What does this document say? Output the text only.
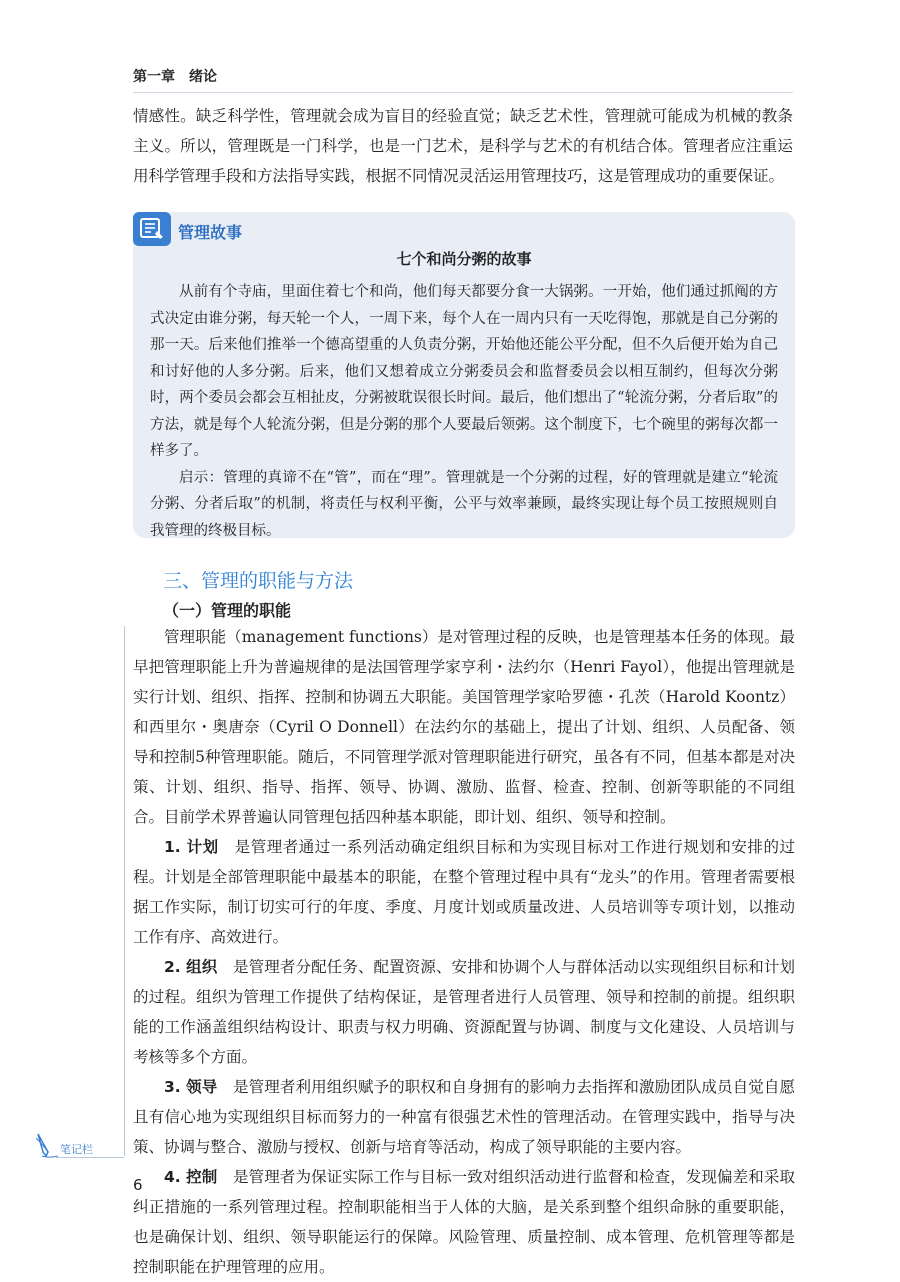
第一章　绪论

情感性。缺乏科学性，管理就会成为盲目的经验直觉；缺乏艺术性，管理就可能成为机械的教条主义。所以，管理既是一门科学，也是一门艺术，是科学与艺术的有机结合体。管理者应注重运用科学管理手段和方法指导实践，根据不同情况灵活运用管理技巧，这是管理成功的重要保证。

管理故事
七个和尚分粥的故事

从前有个寺庙，里面住着七个和尚，他们每天都要分食一大锅粥。一开始，他们通过抓阄的方式决定由谁分粥，每天轮一个人，一周下来，每个人在一周内只有一天吃得饱，那就是自己分粥的那一天。后来他们推举一个德高望重的人负责分粥，开始他还能公平分配，但不久后便开始为自己和讨好他的人多分粥。后来，他们又想着成立分粥委员会和监督委员会以相互制约，但每次分粥时，两个委员会都会互相扯皮，分粥被耽误很长时间。最后，他们想出了“轮流分粥，分者后取”的方法，就是每个人轮流分粥，但是分粥的那个人要最后领粥。这个制度下，七个碗里的粥每次都一样多了。

启示：管理的真谛不在“管”，而在“理”。管理就是一个分粥的过程，好的管理就是建立“轮流分粥、分者后取”的机制，将责任与权利平衡，公平与效率兼顾，最终实现让每个员工按照规则自我管理的终极目标。

三、管理的职能与方法
（一）管理的职能

管理职能（management functions）是对管理过程的反映，也是管理基本任务的体现。最早把管理职能上升为普遍规律的是法国管理学家亨利・法约尔（Henri Fayol），他提出管理就是实行计划、组织、指挥、控制和协调五大职能。美国管理学家哈罗德・孔茨（Harold Koontz）和西里尔・奥唐奈（Cyril O Donnell）在法约尔的基础上，提出了计划、组织、人员配备、领导和控制5种管理职能。随后，不同管理学派对管理职能进行研究，虽各有不同，但基本都是对决策、计划、组织、指导、指挥、领导、协调、激励、监督、检查、控制、创新等职能的不同组合。目前学术界普遍认同管理包括四种基本职能，即计划、组织、领导和控制。

1. 计划　 是管理者通过一系列活动确定组织目标和为实现目标对工作进行规划和安排的过程。计划是全部管理职能中最基本的职能，在整个管理过程中具有“龙头”的作用。管理者需要根据工作实际，制订切实可行的年度、季度、月度计划或质量改进、人员培训等专项计划，以推动工作有序、高效进行。

2. 组织　 是管理者分配任务、配置资源、安排和协调个人与群体活动以实现组织目标和计划的过程。组织为管理工作提供了结构保证，是管理者进行人员管理、领导和控制的前提。组织职能的工作涵盖组织结构设计、职责与权力明确、资源配置与协调、制度与文化建设、人员培训与考核等多个方面。

3. 领导　 是管理者利用组织赋予的职权和自身拥有的影响力去指挥和激励团队成员自觉自愿且有信心地为实现组织目标而努力的一种富有很强艺术性的管理活动。在管理实践中，指导与决策、协调与整合、激励与授权、创新与培育等活动，构成了领导职能的主要内容。

4. 控制　 是管理者为保证实际工作与目标一致对组织活动进行监督和检查，发现偏差和采取纠正措施的一系列管理过程。控制职能相当于人体的大脑，是关系到整个组织命脉的重要职能，也是确保计划、组织、领导职能运行的保障。风险管理、质量控制、成本管理、危机管理等都是控制职能在护理管理的应用。

笔记栏
6
